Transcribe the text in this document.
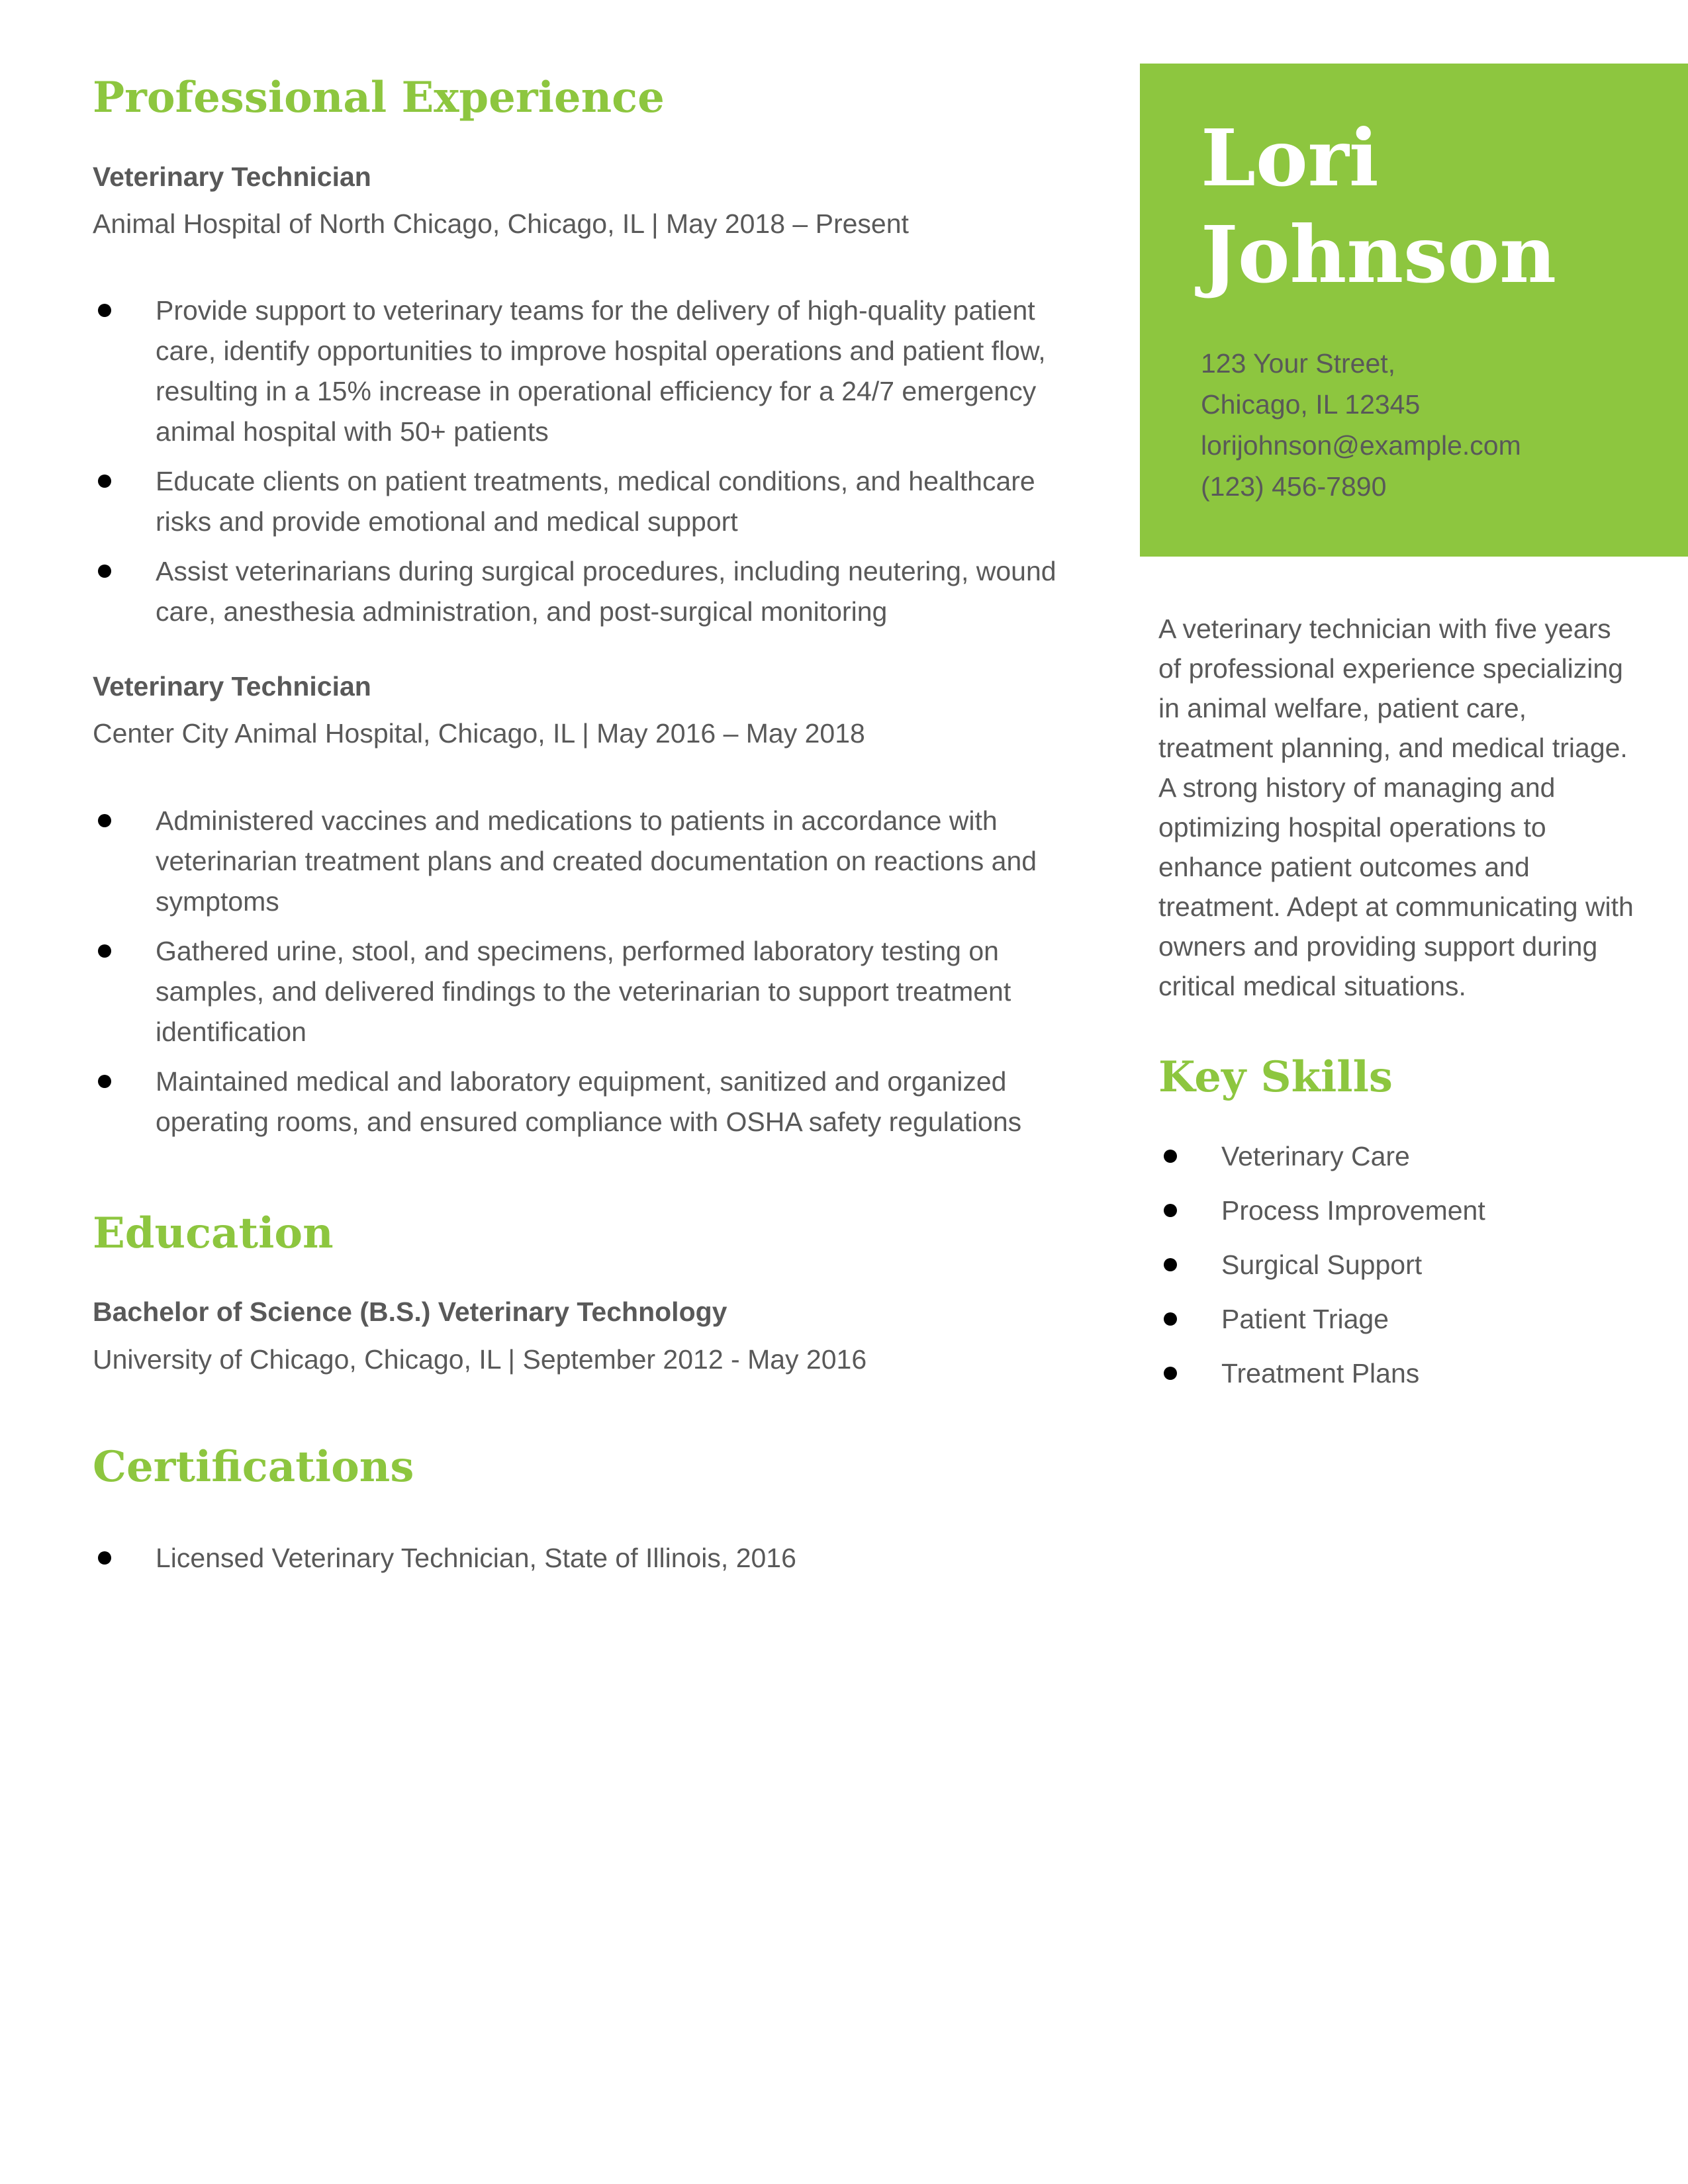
Professional Experience

Veterinary Technician

Animal Hospital of North Chicago, Chicago, IL | May 2018 – Present

Provide support to veterinary teams for the delivery of high-quality patient care, identify opportunities to improve hospital operations and patient flow, resulting in a 15% increase in operational efficiency for a 24/7 emergency animal hospital with 50+ patients
Educate clients on patient treatments, medical conditions, and healthcare risks and provide emotional and medical support
Assist veterinarians during surgical procedures, including neutering, wound care, anesthesia administration, and post-surgical monitoring

Veterinary Technician

Center City Animal Hospital, Chicago, IL | May 2016 – May 2018

Administered vaccines and medications to patients in accordance with veterinarian treatment plans and created documentation on reactions and symptoms
Gathered urine, stool, and specimens, performed laboratory testing on samples, and delivered findings to the veterinarian to support treatment identification
Maintained medical and laboratory equipment, sanitized and organized operating rooms, and ensured compliance with OSHA safety regulations
Education

Bachelor of Science (B.S.) Veterinary Technology

University of Chicago, Chicago, IL | September 2012 - May 2016

Certifications
Licensed Veterinary Technician, State of Illinois, 2016

Lori

Johnson

123 Your Street,
Chicago, IL 12345
lorijohnson@example.com
(123) 456-7890

A veterinary technician with five years of professional experience specializing in animal welfare, patient care, treatment planning, and medical triage. A strong history of managing and optimizing hospital operations to enhance patient outcomes and treatment. Adept at communicating with owners and providing support during critical medical situations.

Key Skills
Veterinary Care
Process Improvement
Surgical Support
Patient Triage
Treatment Plans
